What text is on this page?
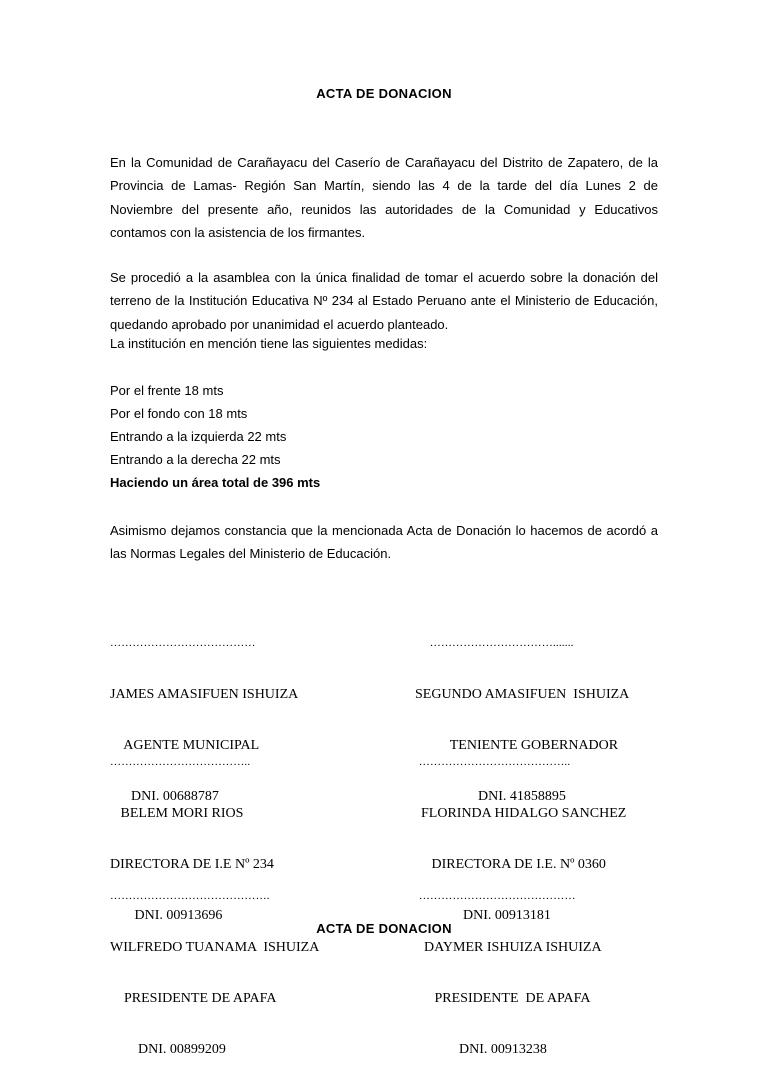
ACTA DE DONACION
En la Comunidad de Carañayacu del Caserío de Carañayacu del Distrito de Zapatero, de la Provincia de Lamas- Región San Martín, siendo las 4 de la tarde del día Lunes 2 de Noviembre del presente año, reunidos las autoridades de la Comunidad y Educativos contamos con la asistencia de los firmantes.
Se procedió a la asamblea con la única finalidad de tomar el acuerdo sobre la donación del terreno de la Institución Educativa Nº 234 al Estado Peruano ante el Ministerio de Educación, quedando aprobado por unanimidad el acuerdo planteado.
La institución en mención tiene las siguientes medidas:
Por el frente 18 mts
Por el fondo con 18 mts
Entrando a la izquierda 22 mts
Entrando a la derecha 22 mts
Haciendo un área total de 396 mts
Asimismo dejamos constancia que la mencionada Acta de Donación lo hacemos de acordó a las Normas Legales del Ministerio de Educación.

…………………………………

JAMES AMASIFUEN ISHUIZA

AGENTE MUNICIPAL

DNI. 00688787

…………………………….......

SEGUNDO AMASIFUEN  ISHUIZA

TENIENTE GOBERNADOR

DNI. 41858895

………………………………..

BELEM MORI RIOS

DIRECTORA DE I.E Nº 234

DNI. 00913696

…………………………………..

FLORINDA HIDALGO SANCHEZ

DIRECTORA DE I.E. Nº 0360

DNI. 00913181

…………………………………….

WILFREDO TUANAMA  ISHUIZA

PRESIDENTE DE APAFA

DNI. 00899209

……………………………………

DAYMER ISHUIZA ISHUIZA

PRESIDENTE  DE APAFA

DNI. 00913238

ACTA DE DONACION
